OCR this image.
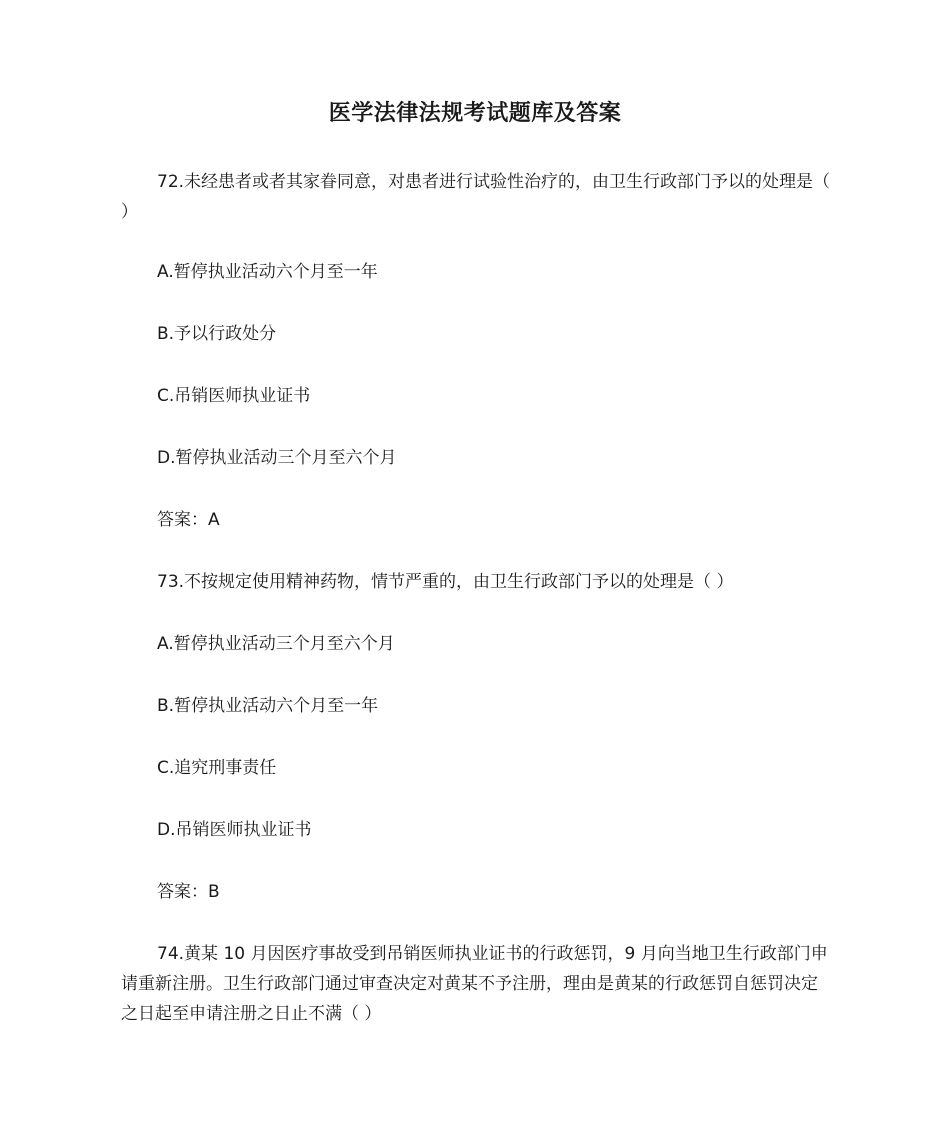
医学法律法规考试题库及答案

72.未经患者或者其家眷同意，对患者进行试验性治疗的，由卫生行政部门予以的处理是（ ）

A.暂停执业活动六个月至一年
B.予以行政处分
C.吊销医师执业证书
D.暂停执业活动三个月至六个月
答案：A
73.不按规定使用精神药物，情节严重的，由卫生行政部门予以的处理是（ ）
A.暂停执业活动三个月至六个月
B.暂停执业活动六个月至一年
C.追究刑事责任
D.吊销医师执业证书
答案：B

74.黄某 10 月因医疗事故受到吊销医师执业证书的行政惩罚，9 月向当地卫生行政部门申请重新注册。卫生行政部门通过审查决定对黄某不予注册，理由是黄某的行政惩罚自惩罚决定之日起至申请注册之日止不满（ ）
